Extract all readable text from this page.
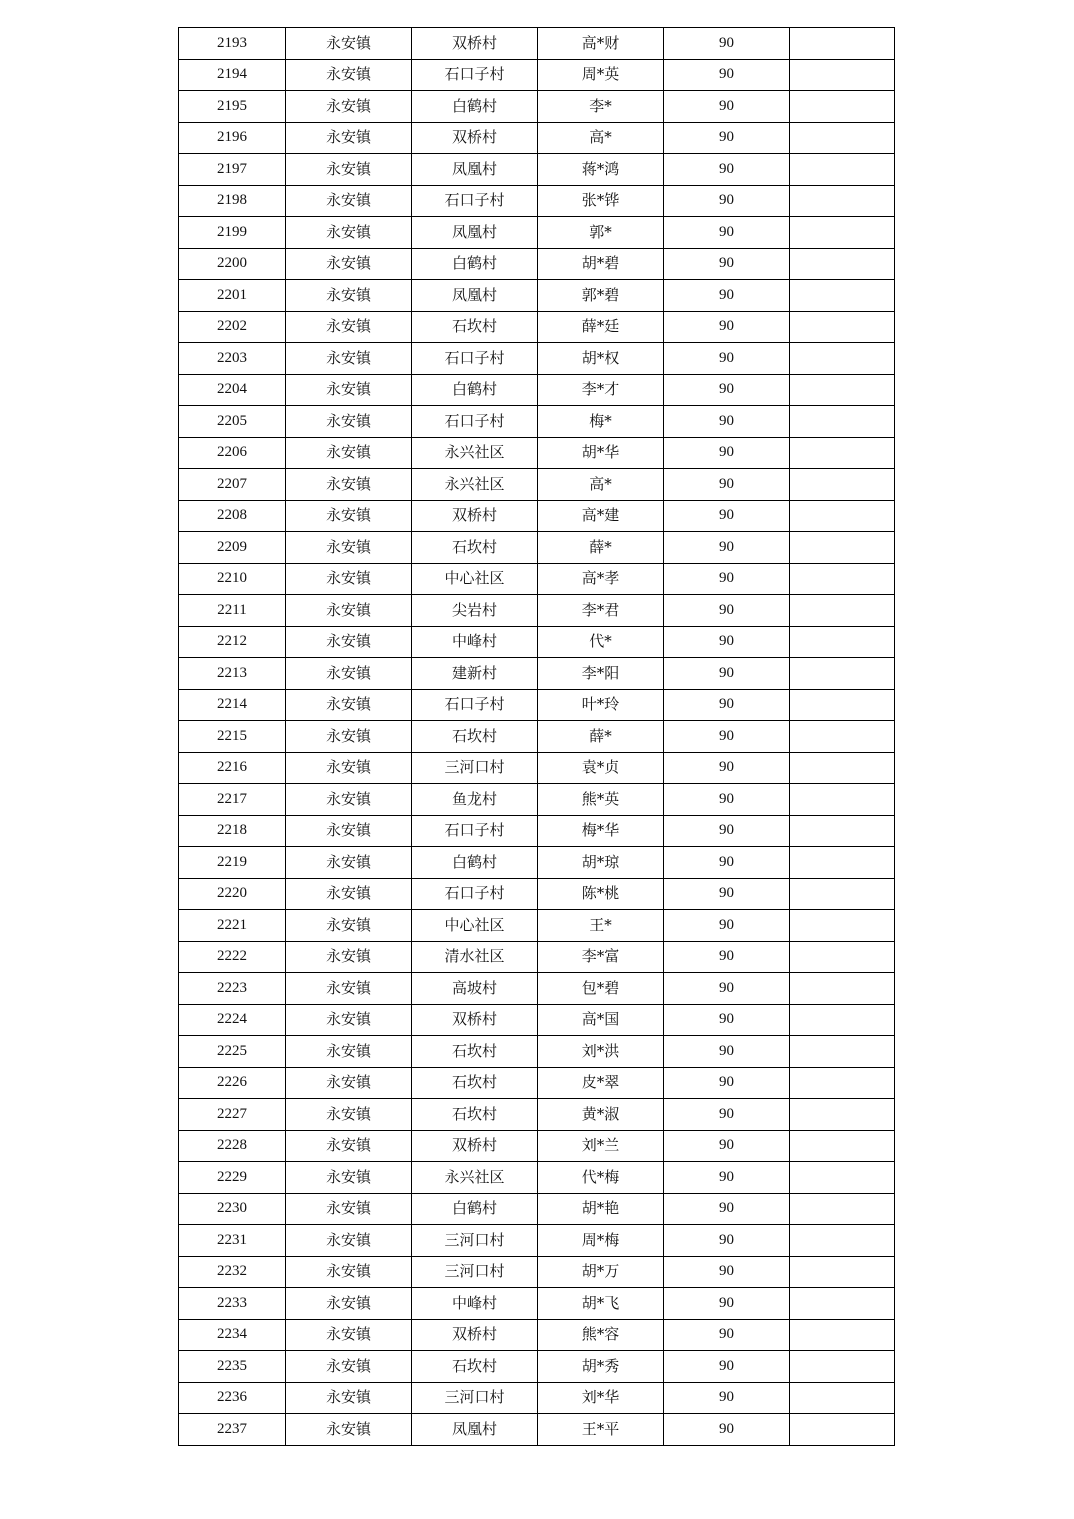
2193	永安镇	双桥村	高*财	90	
2194	永安镇	石口子村	周*英	90	
2195	永安镇	白鹤村	李*	90	
2196	永安镇	双桥村	高*	90	
2197	永安镇	凤凰村	蒋*鸿	90	
2198	永安镇	石口子村	张*铧	90	
2199	永安镇	凤凰村	郭*	90	
2200	永安镇	白鹤村	胡*碧	90	
2201	永安镇	凤凰村	郭*碧	90	
2202	永安镇	石坎村	薛*廷	90	
2203	永安镇	石口子村	胡*权	90	
2204	永安镇	白鹤村	李*才	90	
2205	永安镇	石口子村	梅*	90	
2206	永安镇	永兴社区	胡*华	90	
2207	永安镇	永兴社区	高*	90	
2208	永安镇	双桥村	高*建	90	
2209	永安镇	石坎村	薛*	90	
2210	永安镇	中心社区	高*孝	90	
2211	永安镇	尖岩村	李*君	90	
2212	永安镇	中峰村	代*	90	
2213	永安镇	建新村	李*阳	90	
2214	永安镇	石口子村	叶*玲	90	
2215	永安镇	石坎村	薛*	90	
2216	永安镇	三河口村	袁*贞	90	
2217	永安镇	鱼龙村	熊*英	90	
2218	永安镇	石口子村	梅*华	90	
2219	永安镇	白鹤村	胡*琼	90	
2220	永安镇	石口子村	陈*桃	90	
2221	永安镇	中心社区	王*	90	
2222	永安镇	清水社区	李*富	90	
2223	永安镇	高坡村	包*碧	90	
2224	永安镇	双桥村	高*国	90	
2225	永安镇	石坎村	刘*洪	90	
2226	永安镇	石坎村	皮*翠	90	
2227	永安镇	石坎村	黄*淑	90	
2228	永安镇	双桥村	刘*兰	90	
2229	永安镇	永兴社区	代*梅	90	
2230	永安镇	白鹤村	胡*艳	90	
2231	永安镇	三河口村	周*梅	90	
2232	永安镇	三河口村	胡*万	90	
2233	永安镇	中峰村	胡*飞	90	
2234	永安镇	双桥村	熊*容	90	
2235	永安镇	石坎村	胡*秀	90	
2236	永安镇	三河口村	刘*华	90	
2237	永安镇	凤凰村	王*平	90	
